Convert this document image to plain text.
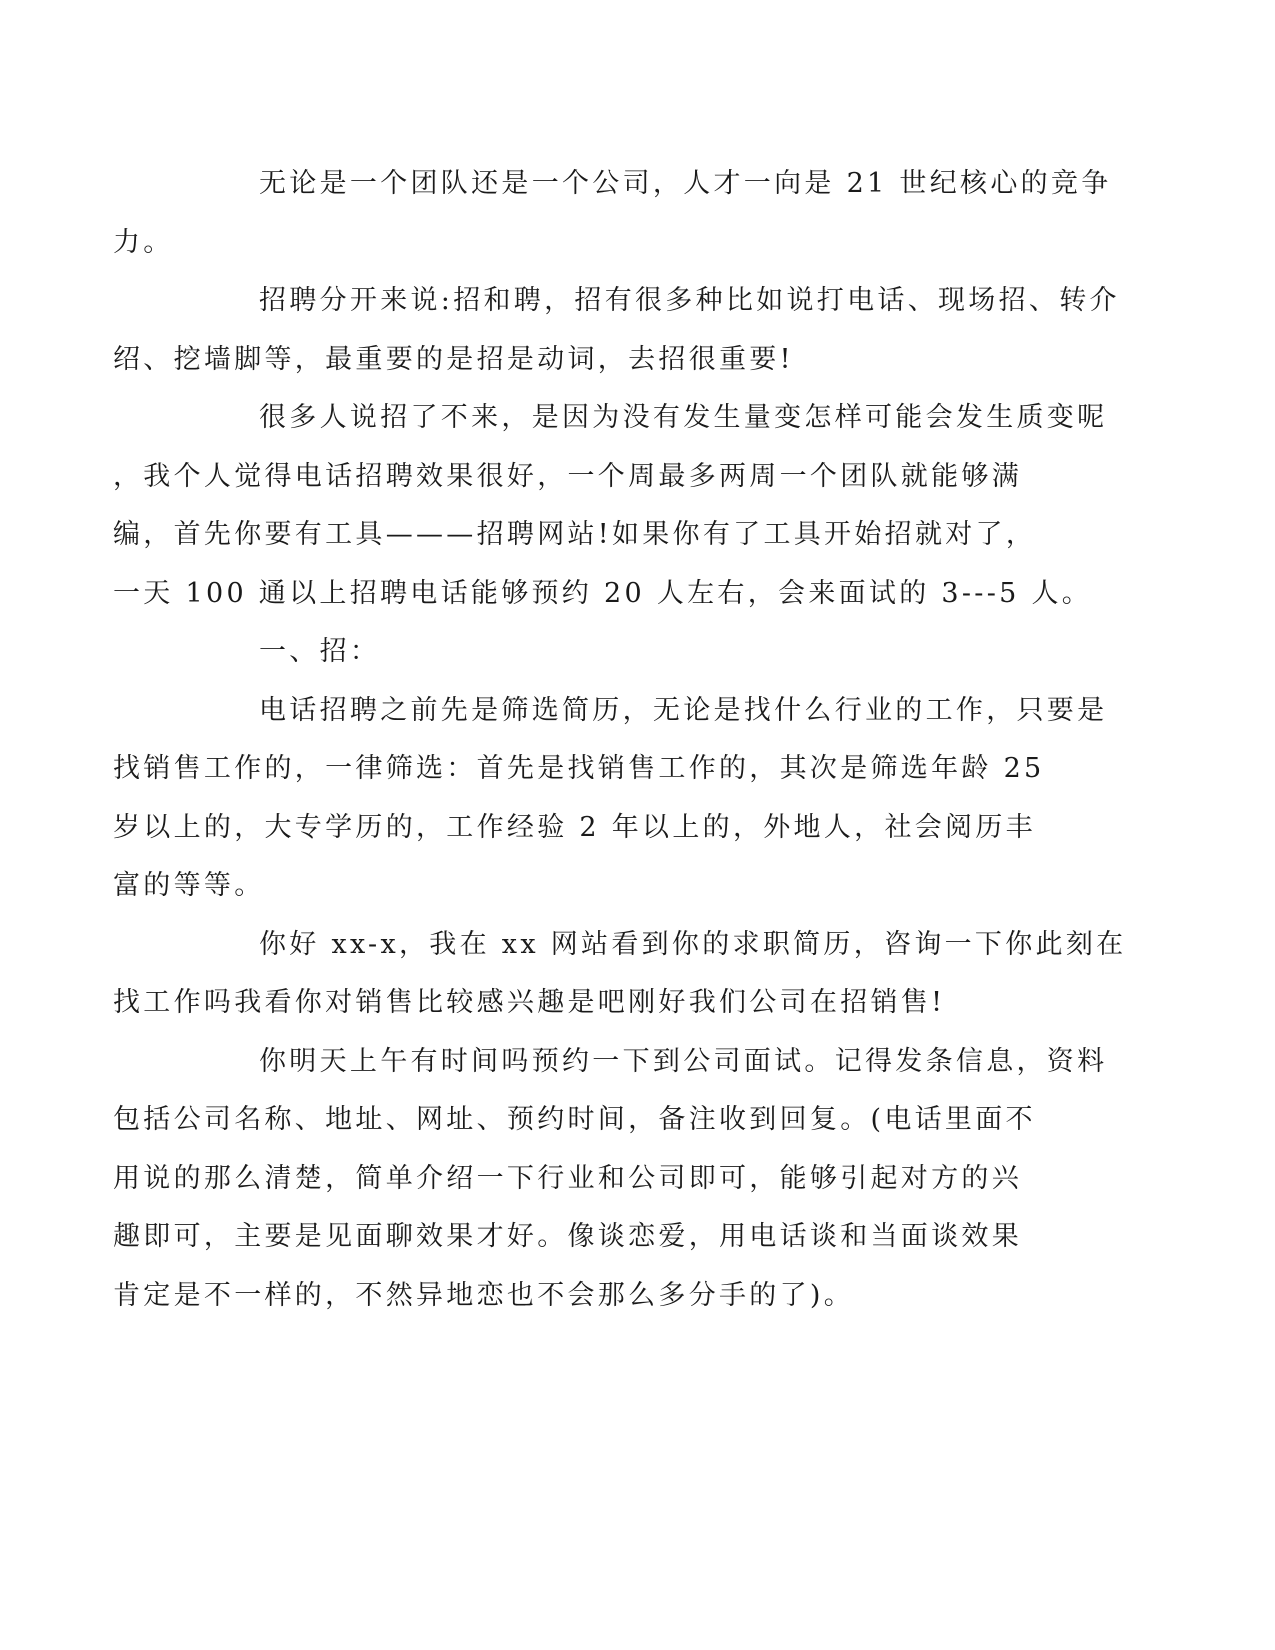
无论是一个团队还是一个公司，人才一向是 21 世纪核心的竞争
力。

招聘分开来说:招和聘，招有很多种比如说打电话、现场招、转介
绍、挖墙脚等，最重要的是招是动词，去招很重要!

很多人说招了不来，是因为没有发生量变怎样可能会发生质变呢
，我个人觉得电话招聘效果很好，一个周最多两周一个团队就能够满
编，首先你要有工具———招聘网站!如果你有了工具开始招就对了，
一天 100 通以上招聘电话能够预约 20 人左右，会来面试的 3---5 人。

一、招：

电话招聘之前先是筛选简历，无论是找什么行业的工作，只要是
找销售工作的，一律筛选：首先是找销售工作的，其次是筛选年龄 25
岁以上的，大专学历的，工作经验 2 年以上的，外地人，社会阅历丰
富的等等。

你好 xx-x，我在 xx 网站看到你的求职简历，咨询一下你此刻在
找工作吗我看你对销售比较感兴趣是吧刚好我们公司在招销售!

你明天上午有时间吗预约一下到公司面试。记得发条信息，资料
包括公司名称、地址、网址、预约时间，备注收到回复。(电话里面不
用说的那么清楚，简单介绍一下行业和公司即可，能够引起对方的兴
趣即可，主要是见面聊效果才好。像谈恋爱，用电话谈和当面谈效果
肯定是不一样的，不然异地恋也不会那么多分手的了)。
